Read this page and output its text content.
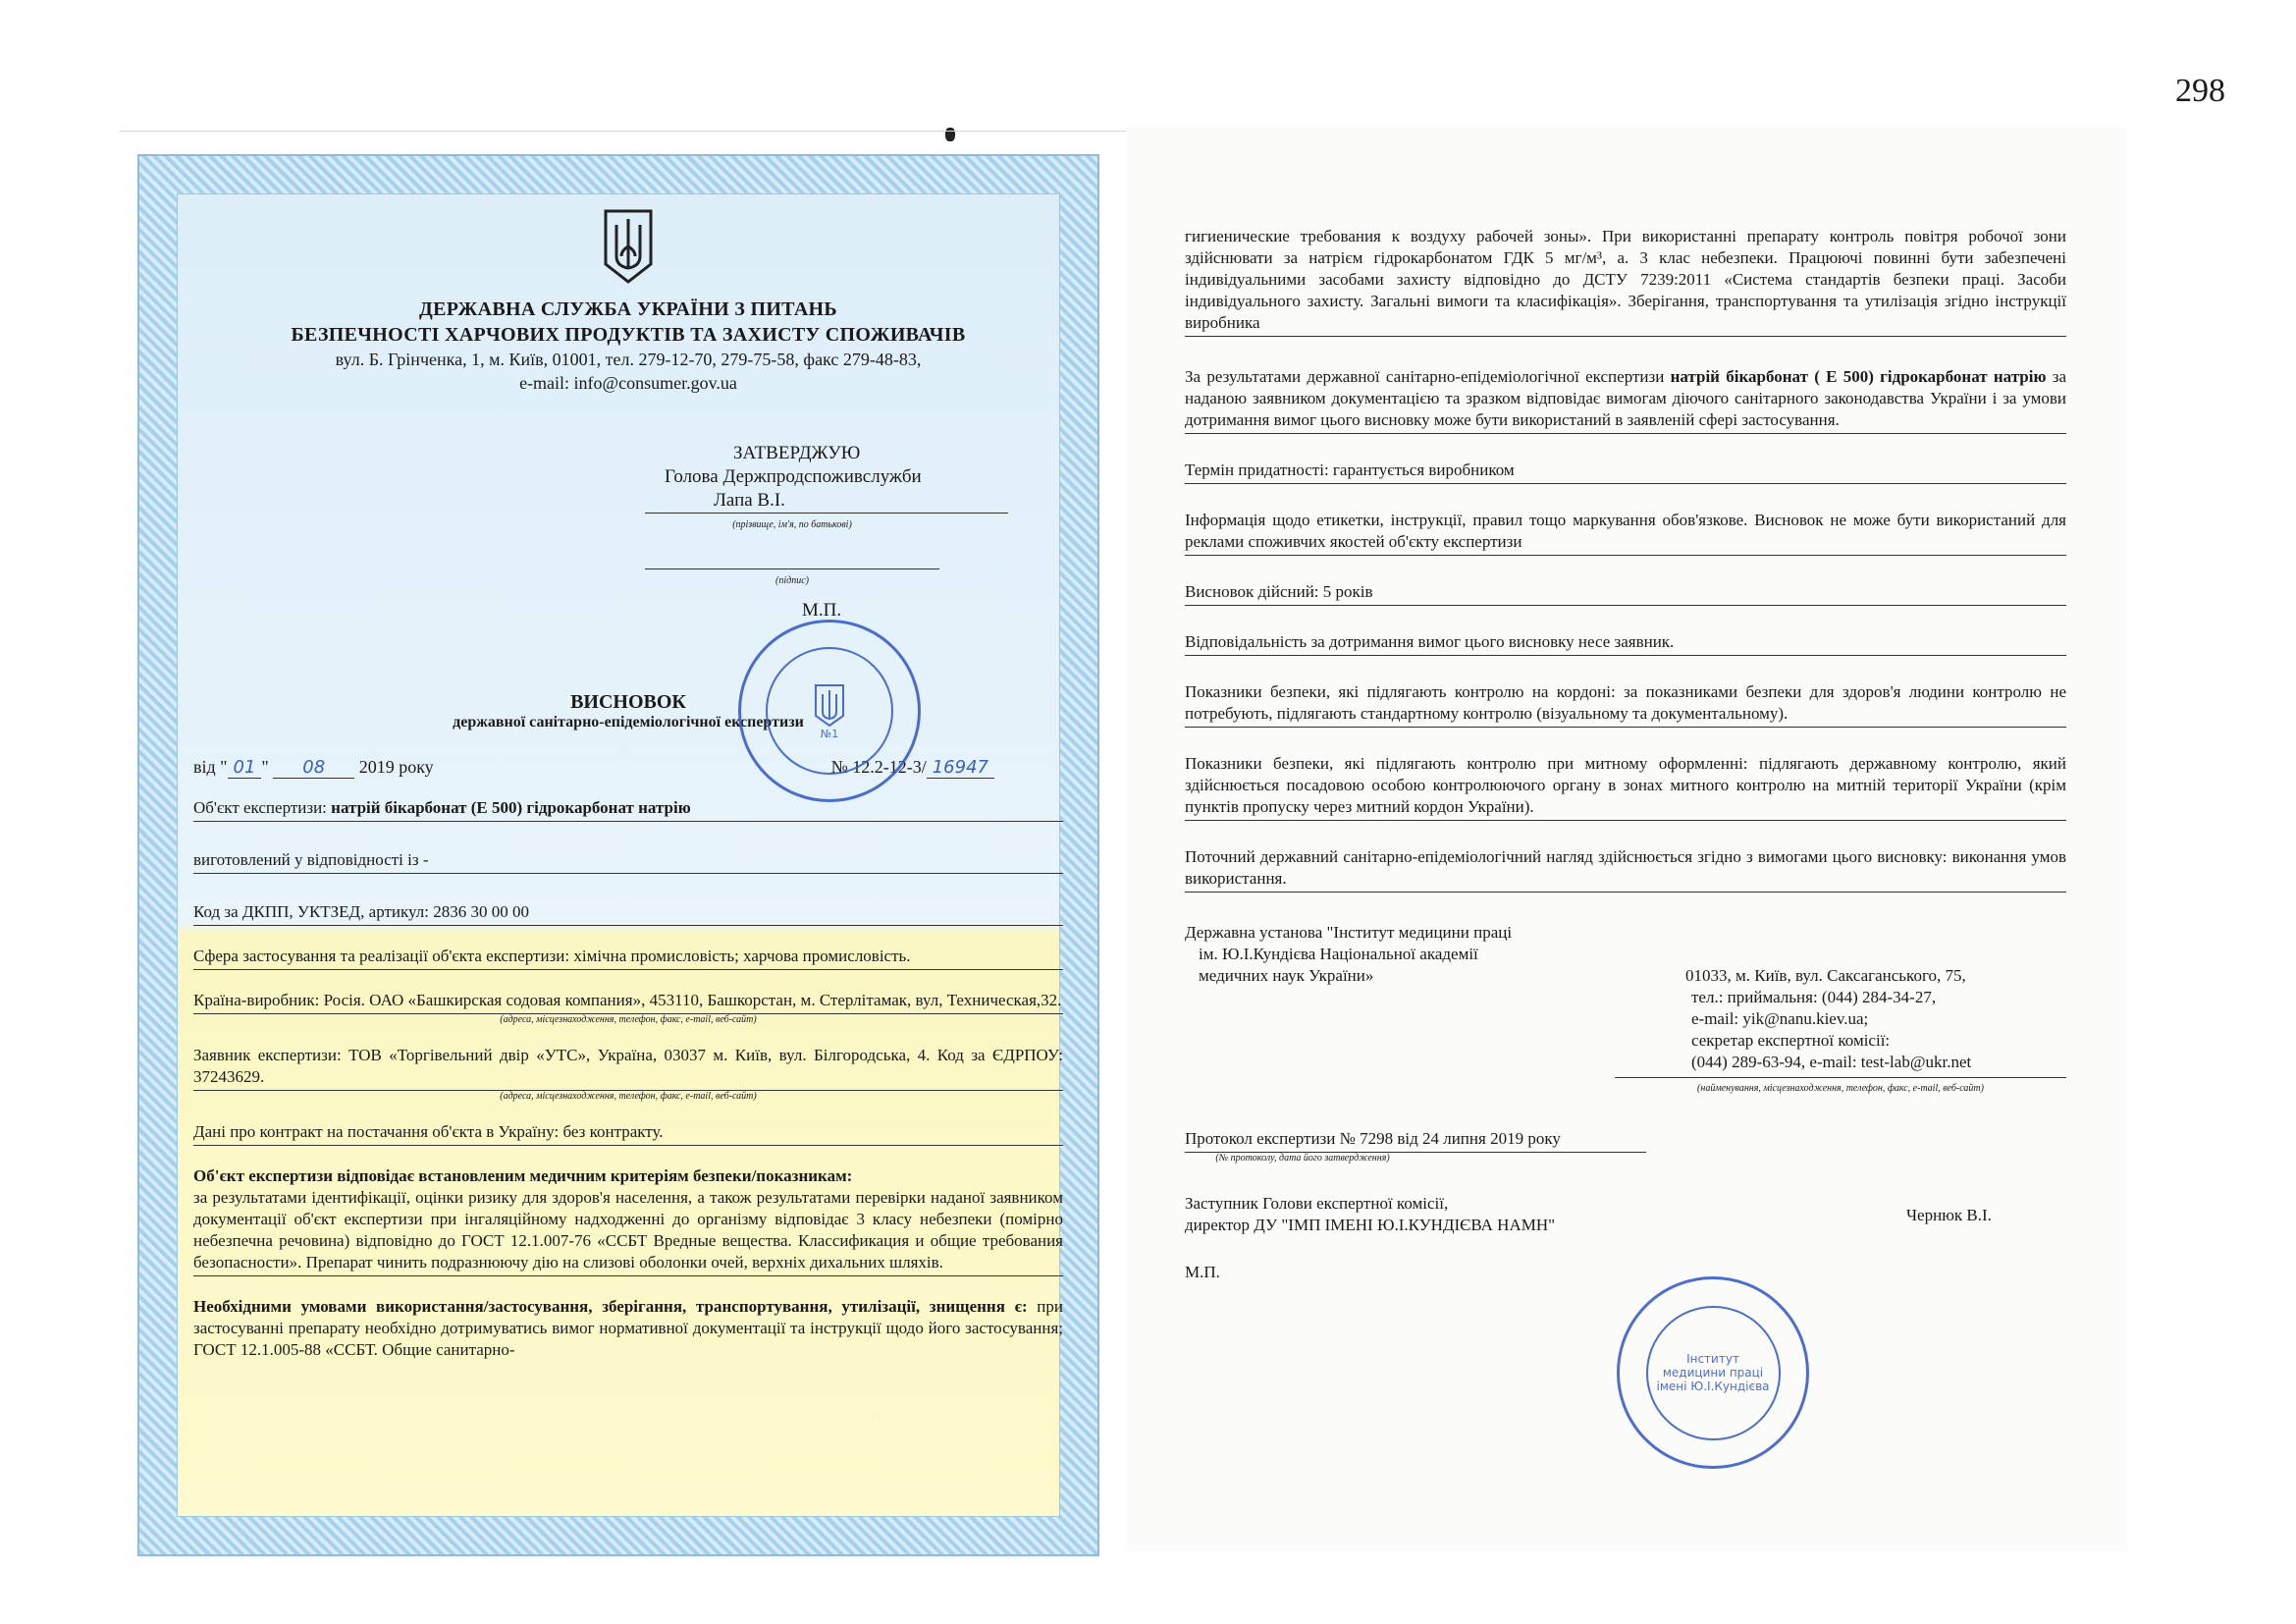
298

ДЕРЖАВНА СЛУЖБА УКРАЇНИ З ПИТАНЬ

БЕЗПЕЧНОСТІ ХАРЧОВИХ ПРОДУКТІВ ТА ЗАХИСТУ СПОЖИВАЧІВ

вул. Б. Грінченка, 1, м. Київ, 01001, тел. 279-12-70, 279-75-58, факс 279-48-83,

e-mail: info@consumer.gov.ua

ЗАТВЕРДЖУЮ
Голова Держпродспоживслужби
Лапа В.І.
(прізвище, ім'я, по батькові)
(підпис)
М.П.
№1
ВИСНОВОК
державної санітарно-епідеміологічної експертизи
від " 01 " 08 2019 року	№ 12.2-12-3/ 16947
Об'єкт експертизи: натрій бікарбонат (Е 500) гідрокарбонат натрію
виготовлений у відповідності із -
Код за ДКПП, УКТЗЕД, артикул: 2836 30 00 00
Сфера застосування та реалізації об'єкта експертизи: хімічна промисловість; харчова промисловість.
Країна-виробник: Росія. ОАО «Башкирская содовая компания», 453110, Башкорстан, м. Стерлітамак, вул, Техническая,32.
(адреса, місцезнаходження, телефон, факс, e-mail, веб-сайт)
Заявник експертизи: ТОВ «Торгівельний двір «УТС», Україна, 03037 м. Київ, вул. Білгородська, 4. Код за ЄДРПОУ: 37243629.
(адреса, місцезнаходження, телефон, факс, e-mail, веб-сайт)
Дані про контракт на постачання об'єкта в Україну: без контракту.
Об'єкт експертизи відповідає встановленим медичним критеріям безпеки/показникам:
за результатами ідентифікації, оцінки ризику для здоров'я населення, а також результатами перевірки наданої заявником документації об'єкт експертизи при інгаляційному надходженні до організму відповідає 3 класу небезпеки (помірно небезпечна речовина) відповідно до ГОСТ 12.1.007-76 «ССБТ Вредные вещества. Классификация и общие требования безопасности». Препарат чинить подразнюючу дію на слизові оболонки очей, верхніх дихальних шляхів.
Необхідними умовами використання/застосування, зберігання, транспортування, утилізації, знищення є: при застосуванні препарату необхідно дотримуватись вимог нормативної документації та інструкції щодо його застосування; ГОСТ 12.1.005-88 «ССБТ. Общие санитарно-
гигиенические требования к воздуху рабочей зоны». При використанні препарату контроль повітря робочої зони здійснювати за натрієм гідрокарбонатом ГДК 5 мг/м³, а. 3 клас небезпеки. Працюючі повинні бути забезпечені індивідуальними засобами захисту відповідно до ДСТУ 7239:2011 «Система стандартів безпеки праці. Засоби індивідуального захисту. Загальні вимоги та класифікація». Зберігання, транспортування та утилізація згідно інструкції виробника
За результатами державної санітарно-епідеміологічної експертизи натрій бікарбонат ( Е 500) гідрокарбонат натрію за наданою заявником документацією та зразком відповідає вимогам діючого санітарного законодавства України і за умови дотримання вимог цього висновку може бути використаний в заявленій сфері застосування.
Термін придатності: гарантується виробником
Інформація щодо етикетки, інструкції, правил тощо маркування обов'язкове. Висновок не може бути використаний для реклами споживчих якостей об'єкту експертизи
Висновок дійсний: 5 років
Відповідальність за дотримання вимог цього висновку несе заявник.
Показники безпеки, які підлягають контролю на кордоні: за показниками безпеки для здоров'я людини контролю не потребують, підлягають стандартному контролю (візуальному та документальному).
Показники безпеки, які підлягають контролю при митному оформленні: підлягають державному контролю, який здійснюється посадовою особою контролюючого органу в зонах митного контролю на митній території України (крім пунктів пропуску через митний кордон України).
Поточний державний санітарно-епідеміологічний нагляд здійснюється згідно з вимогами цього висновку: виконання умов використання.
Державна установа "Інститут медицини праці
ім. Ю.І.Кундієва Національної академії
медичних наук України»	01033, м. Київ, вул. Саксаганського, 75,
тел.: приймальня: (044) 284-34-27,
e-mail: yik@nanu.kiev.ua;
секретар експертної комісії:
(044) 289-63-94, e-mail: test-lab@ukr.net
(найменування, місцезнаходження, телефон, факс, e-mail, веб-сайт)
Протокол експертизи № 7298 від 24 липня 2019 року
(№ протоколу, дата його затвердження)
Заступник Голови експертної комісії,
директор ДУ "ІМП ІМЕНІ Ю.І.КУНДІЄВА НАМН"
Чернюк В.І.
М.П.
Інститут
медицини праці
імені Ю.І.Кундієва
